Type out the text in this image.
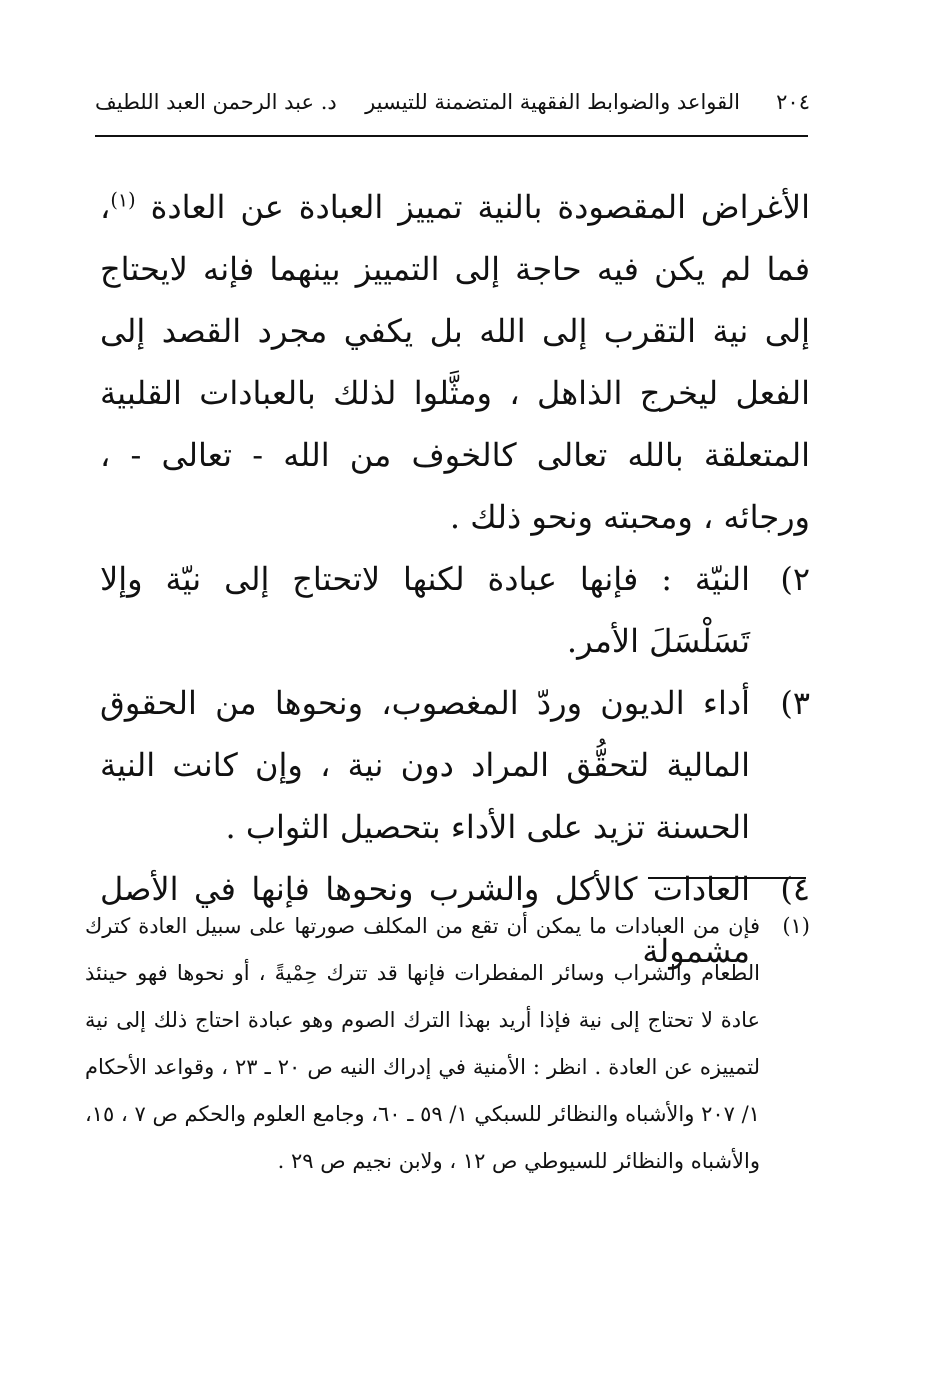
٢٠٤
القواعد والضوابط الفقهية المتضمنة للتيسير
د. عبد الرحمن العبد اللطيف

الأغراض المقصودة بالنية تمييز العبادة عن العادة $^{(١)}$، فما لم يكن فيه حاجة إلى التمييز بينهما فإنه لايحتاج إلى نية التقرب إلى الله بل يكفي مجرد القصد إلى الفعل ليخرج الذاهل ، ومثَّلوا لذلك بالعبادات القلبية المتعلقة بالله تعالى كالخوف من الله - تعالى - ، ورجائه ، ومحبته ونحو ذلك .

٢)
النيّة : فإنها عبادة لكنها لاتحتاج إلى نيّة وإلا تَسَلْسَلَ الأمر.

٣)
أداء الديون وردّ المغصوب، ونحوها من الحقوق المالية لتحقُّق المراد دون نية ، وإن كانت النية الحسنة تزيد على الأداء بتحصيل الثواب .

٤)
العادات كالأكل والشرب ونحوها فإنها في الأصل مشمولة

(١)

فإن من العبادات ما يمكن أن تقع من المكلف صورتها على سبيل العادة كترك الطعام والشراب وسائر المفطرات فإنها قد تترك حِمْيةً ، أو نحوها فهو حينئذ عادة لا تحتاج إلى نية فإذا أريد بهذا الترك الصوم وهو عبادة احتاج ذلك إلى نية لتمييزه عن العادة . انظر : الأمنية في إدراك النيه ص ٢٠ ـ ٢٣ ، وقواعد الأحكام ١/ ٢٠٧ والأشباه والنظائر للسبكي ١/ ٥٩ ـ ٦٠، وجامع العلوم والحكم ص ٧ ، ١٥، والأشباه والنظائر للسيوطي ص ١٢ ، ولابن نجيم ص ٢٩ .
